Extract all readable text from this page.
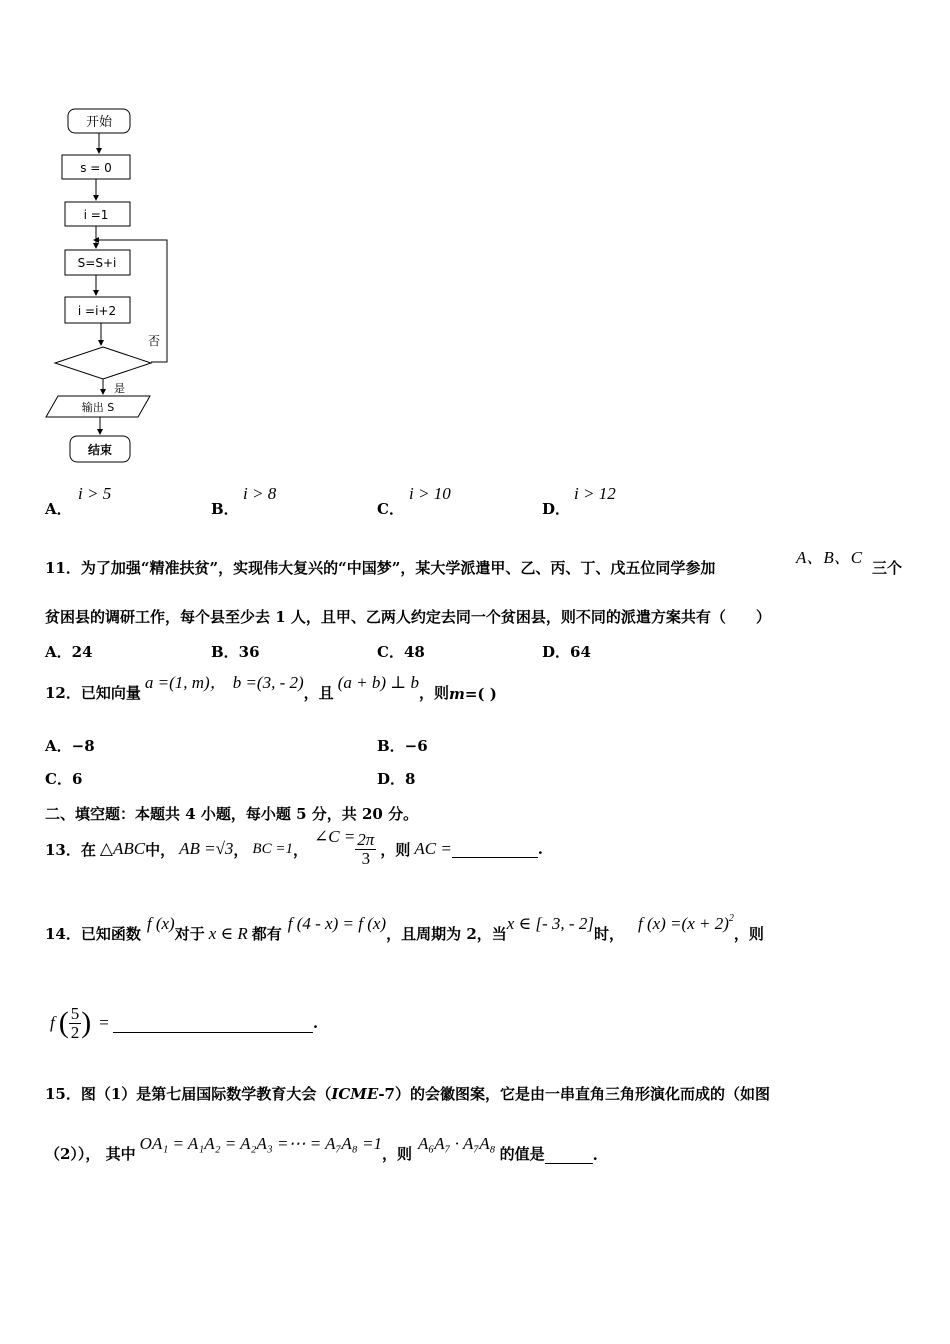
开始
s = 0
i =1
S=S+i
i =i+2
否
是
输出 S
结束
A．
i > 5
B．
i > 8
C．
i > 10
D．
i > 12
11．为了加强“精准扶贫”，实现伟大复兴的“中国梦”，某大学派遣甲、乙、丙、丁、戊五位同学参加
A、B、C
三个
贫困县的调研工作，每个县至少去 1 人，且甲、乙两人约定去同一个贫困县，则不同的派遣方案共有（　　）
A．24	B．36	C．48	D．64
12．已知向量
a =(1, m)， b =(3, - 2)
，且
(a + b) ⊥ b
，则 m =( )
A．−8	B．−6
C．6	D．8
二、填空题：本题共 4 小题，每小题 5 分，共 20 分。
13．在 △ABC 中， AB =√3 ， BC =1 ，
∠C = $\frac{2\pi}{3}$ ，则 AC =	.
14．已知函数
f (x)
对于 x ∈ R 都有
f (4 - x) = f (x)
，且周期为 2，当
x ∈ [- 3, - 2]
时，
f (x) =(x + 2) 2
，则
f ( $\frac{5}{2}$ ) =	.
15．图（1）是第七届国际数学教育大会（ICME-7）的会徽图案，它是由一串直角三角形演化而成的（如图
（2））， 其中
OA₁ = A₁A₂ = A₂A₃ =⋯ = A₇A₈ =1
，则
A₆A₇ · A₇A₈
的值是	.
